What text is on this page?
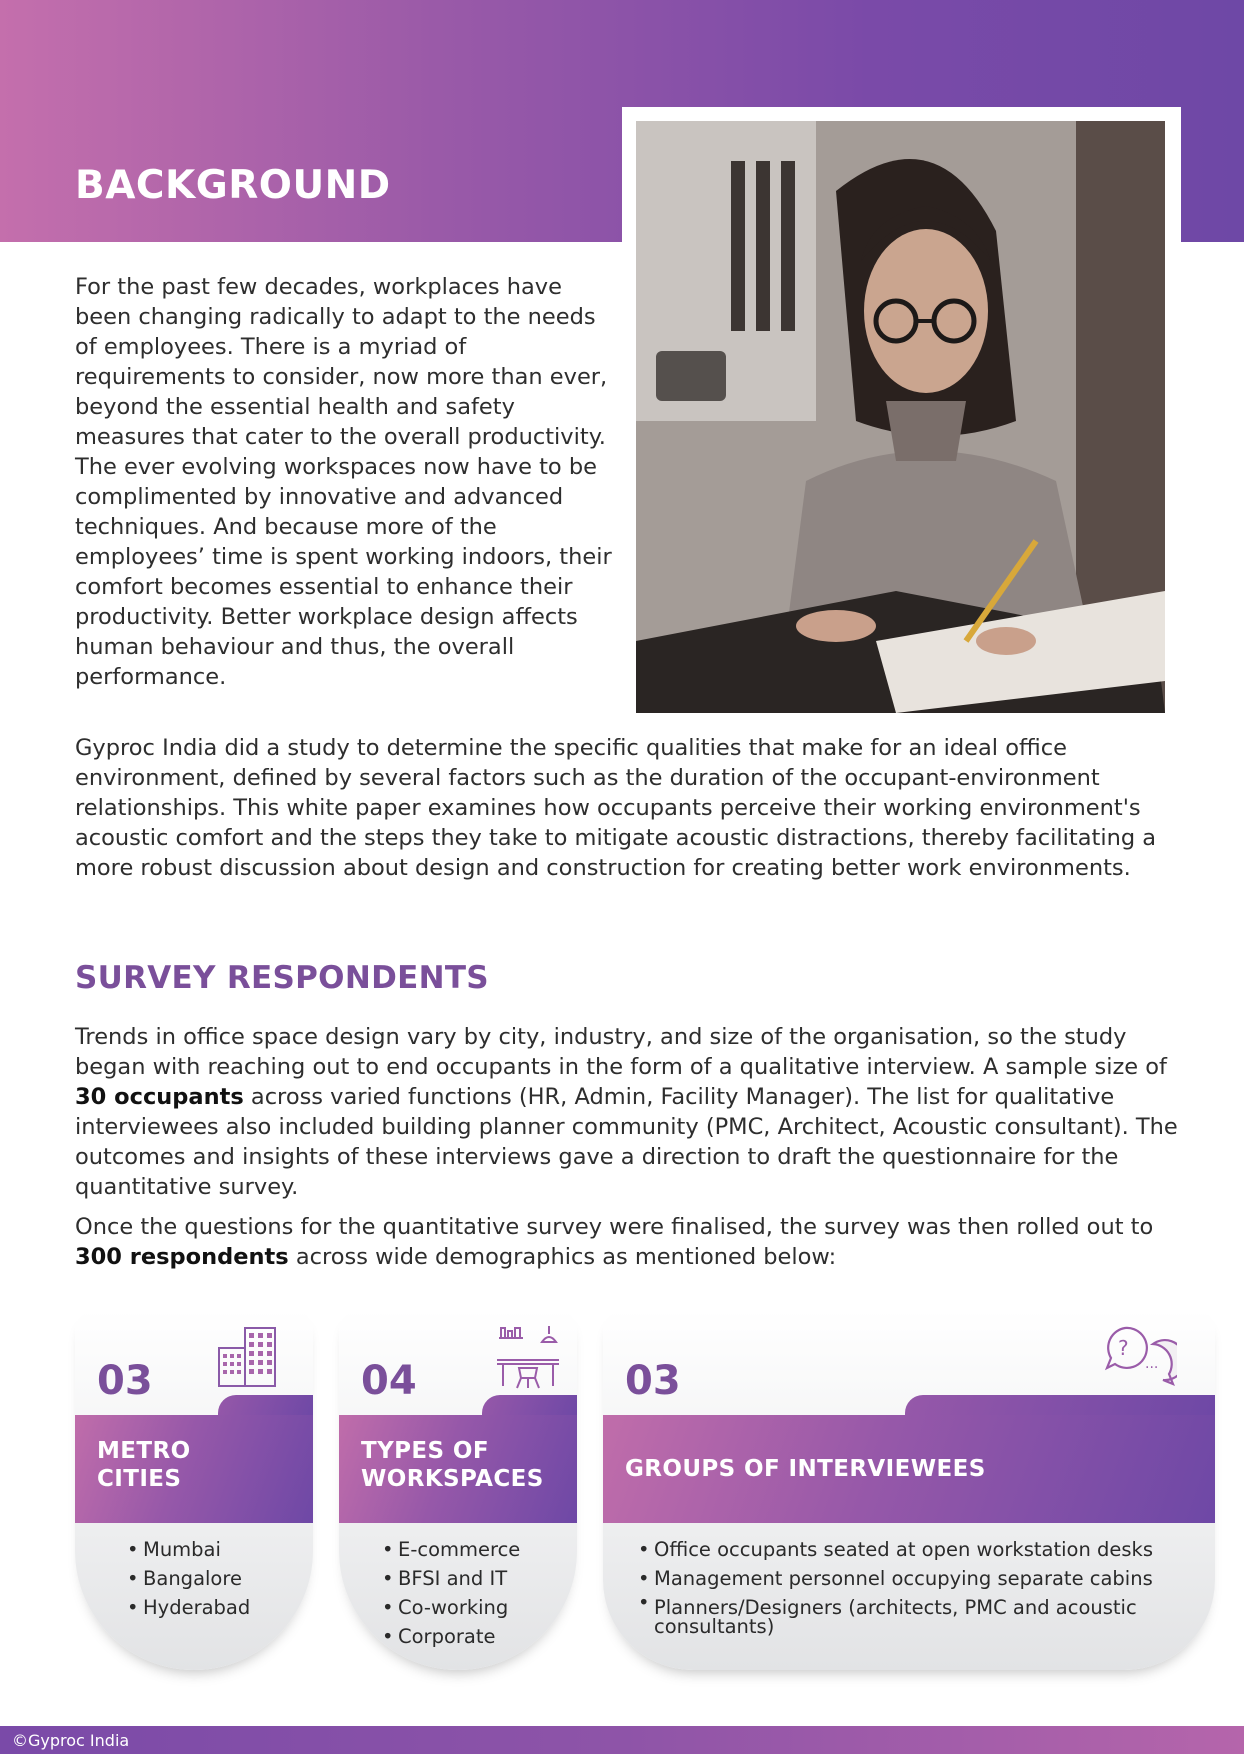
BACKGROUND

For the past few decades, workplaces have been changing radically to adapt to the needs of employees. There is a myriad of requirements to consider, now more than ever, beyond the essential health and safety measures that cater to the overall productivity. The ever evolving workspaces now have to be complimented by innovative and advanced techniques. And because more of the employees’ time is spent working indoors, their comfort becomes essential to enhance their productivity. Better workplace design affects human behaviour and thus, the overall performance.

Gyproc India did a study to determine the specific qualities that make for an ideal office environment, defined by several factors such as the duration of the occupant-environment relationships. This white paper examines how occupants perceive their working environment's acoustic comfort and the steps they take to mitigate acoustic distractions, thereby facilitating a more robust discussion about design and construction for creating better work environments.

SURVEY RESPONDENTS

Trends in office space design vary by city, industry, and size of the organisation, so the study began with reaching out to end occupants in the form of a qualitative interview. A sample size of 30 occupants across varied functions (HR, Admin, Facility Manager). The list for qualitative interviewees also included building planner community (PMC, Architect, Acoustic consultant). The outcomes and insights of these interviews gave a direction to draft the questionnaire for the quantitative survey.

Once the questions for the quantitative survey were finalised, the survey was then rolled out to 300 respondents across wide demographics as mentioned below:

03
METRO
CITIES
• Mumbai
• Bangalore
• Hyderabad
04
TYPES OF
WORKSPACES
• E-commerce
• BFSI and IT
• Co-working
• Corporate
03
?
...
GROUPS OF INTERVIEWEES
• Office occupants seated at open workstation desks
• Management personnel occupying separate cabins
• Planners/Designers (architects, PMC and acoustic consultants)
©Gyproc India
